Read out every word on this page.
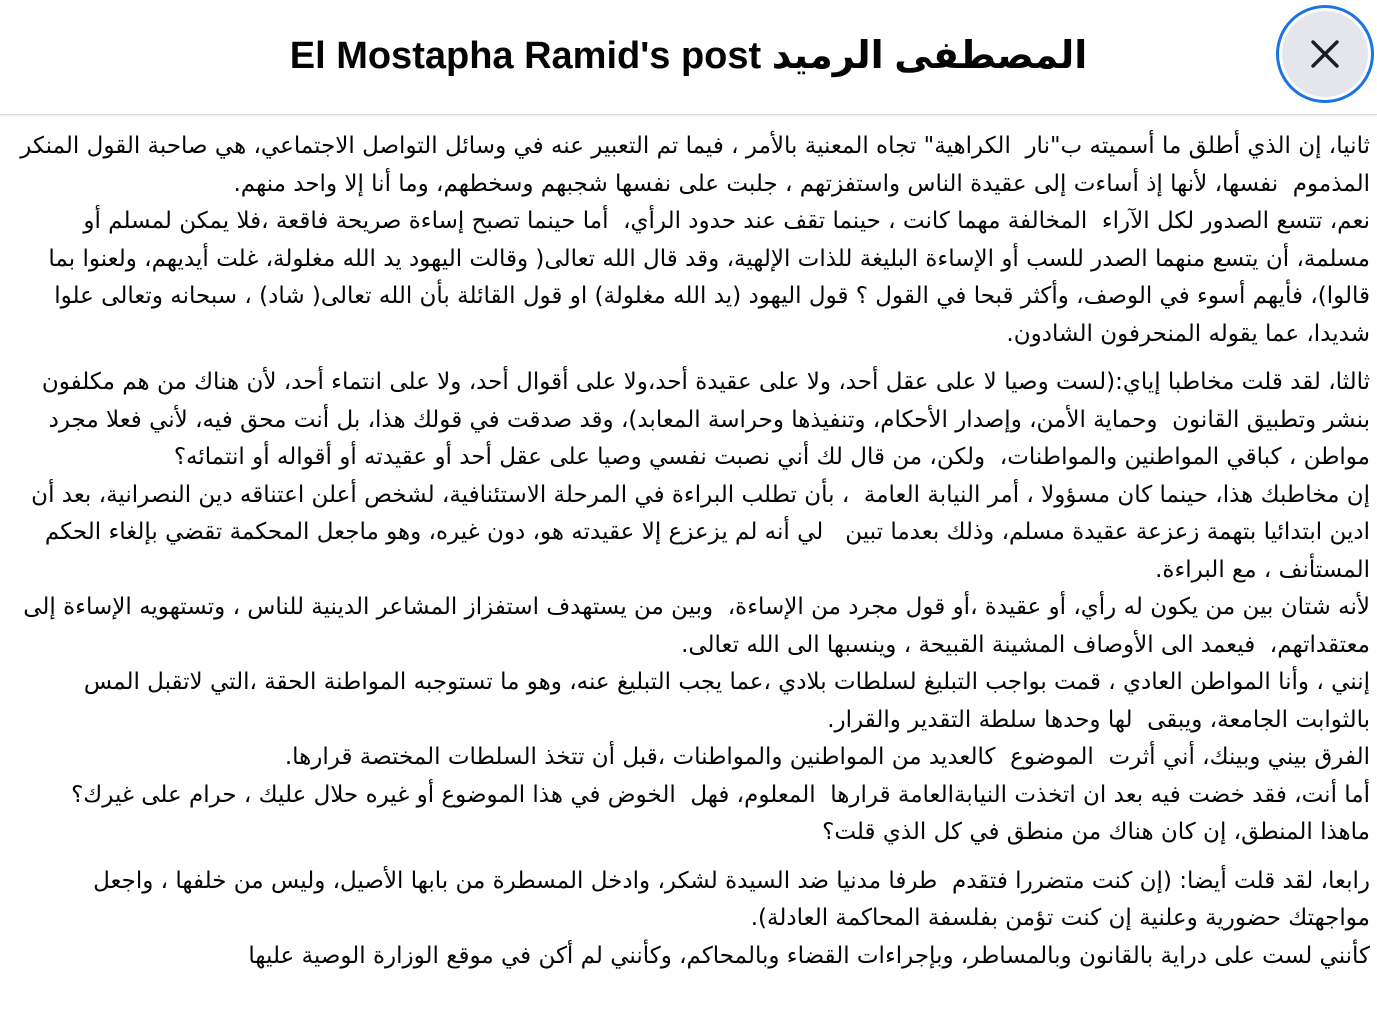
El Mostapha Ramid's post المصطفى الرميد

ثانيا، إن الذي أطلق ما أسميته ب"نار  الكراهية" تجاه المعنية بالأمر ، فيما تم التعبير عنه في وسائل التواصل الاجتماعي، هي صاحبة القول المنكر المذموم  نفسها، لأنها إذ أساءت إلى عقيدة الناس واستفزتهم ، جلبت على نفسها شجبهم وسخطهم، وما أنا إلا واحد منهم.
نعم، تتسع الصدور لكل الآراء  المخالفة مهما كانت ، حينما تقف عند حدود الرأي،  أما حينما تصبح إساءة صريحة فاقعة ،فلا يمكن لمسلم أو مسلمة، أن يتسع منهما الصدر للسب أو الإساءة البليغة للذات الإلهية، وقد قال الله تعالى( وقالت اليهود يد الله مغلولة، غلت أيديهم، ولعنوا بما قالوا)، فأيهم أسوء في الوصف، وأكثر قبحا في القول ؟ قول اليهود (يد الله مغلولة) او قول القائلة بأن الله تعالى( شاد) ، سبحانه وتعالى علوا شديدا، عما يقوله المنحرفون الشادون.

ثالثا، لقد قلت مخاطبا إياي:(لست وصيا لا على عقل أحد، ولا على عقيدة أحد،ولا على أقوال أحد، ولا على انتماء أحد، لأن هناك من هم مكلفون بنشر وتطبيق القانون  وحماية الأمن، وإصدار الأحكام، وتنفيذها وحراسة المعابد)، وقد صدقت في قولك هذا، بل أنت محق فيه، لأني فعلا مجرد مواطن ، كباقي المواطنين والمواطنات،  ولكن، من قال لك أني نصبت نفسي وصيا على عقل أحد أو عقيدته أو أقواله أو انتمائه؟
إن مخاطبك هذا، حينما كان مسؤولا ، أمر النيابة العامة  ، بأن تطلب البراءة في المرحلة الاستئنافية، لشخص أعلن اعتناقه دين النصرانية، بعد أن ادين ابتدائيا بتهمة زعزعة عقيدة مسلم، وذلك بعدما تبين   لي أنه لم يزعزع إلا عقيدته هو، دون غيره، وهو ماجعل المحكمة تقضي بإلغاء الحكم المستأنف ، مع البراءة.
لأنه شتان بين من يكون له رأي، أو عقيدة ،أو قول مجرد من الإساءة،  وبين من يستهدف استفزاز المشاعر الدينية للناس ، وتستهويه الإساءة إلى معتقداتهم،  فيعمد الى الأوصاف المشينة القبيحة ، وينسبها الى الله تعالى.
إنني ، وأنا المواطن العادي ، قمت بواجب التبليغ لسلطات بلادي ،عما يجب التبليغ عنه، وهو ما تستوجبه المواطنة الحقة ،التي لاتقبل المس بالثوابت الجامعة، ويبقى  لها وحدها سلطة التقدير والقرار.
الفرق بيني وبينك، أني أثرت  الموضوع  كالعديد من المواطنين والمواطنات ،قبل أن تتخذ السلطات المختصة قرارها.
أما أنت، فقد خضت فيه بعد ان اتخذت النيابةالعامة قرارها  المعلوم، فهل  الخوض في هذا الموضوع أو غيره حلال عليك ، حرام على غيرك؟  ماهذا المنطق، إن كان هناك من منطق في كل الذي قلت؟

رابعا، لقد قلت أيضا: (إن كنت متضررا فتقدم  طرفا مدنيا ضد السيدة لشكر، وادخل المسطرة من بابها الأصيل، وليس من خلفها ، واجعل مواجهتك حضورية وعلنية إن كنت تؤمن بفلسفة المحاكمة العادلة).
كأنني لست على دراية بالقانون وبالمساطر، وبإجراءات القضاء وبالمحاكم، وكأنني لم أكن في موقع الوزارة الوصية عليها
